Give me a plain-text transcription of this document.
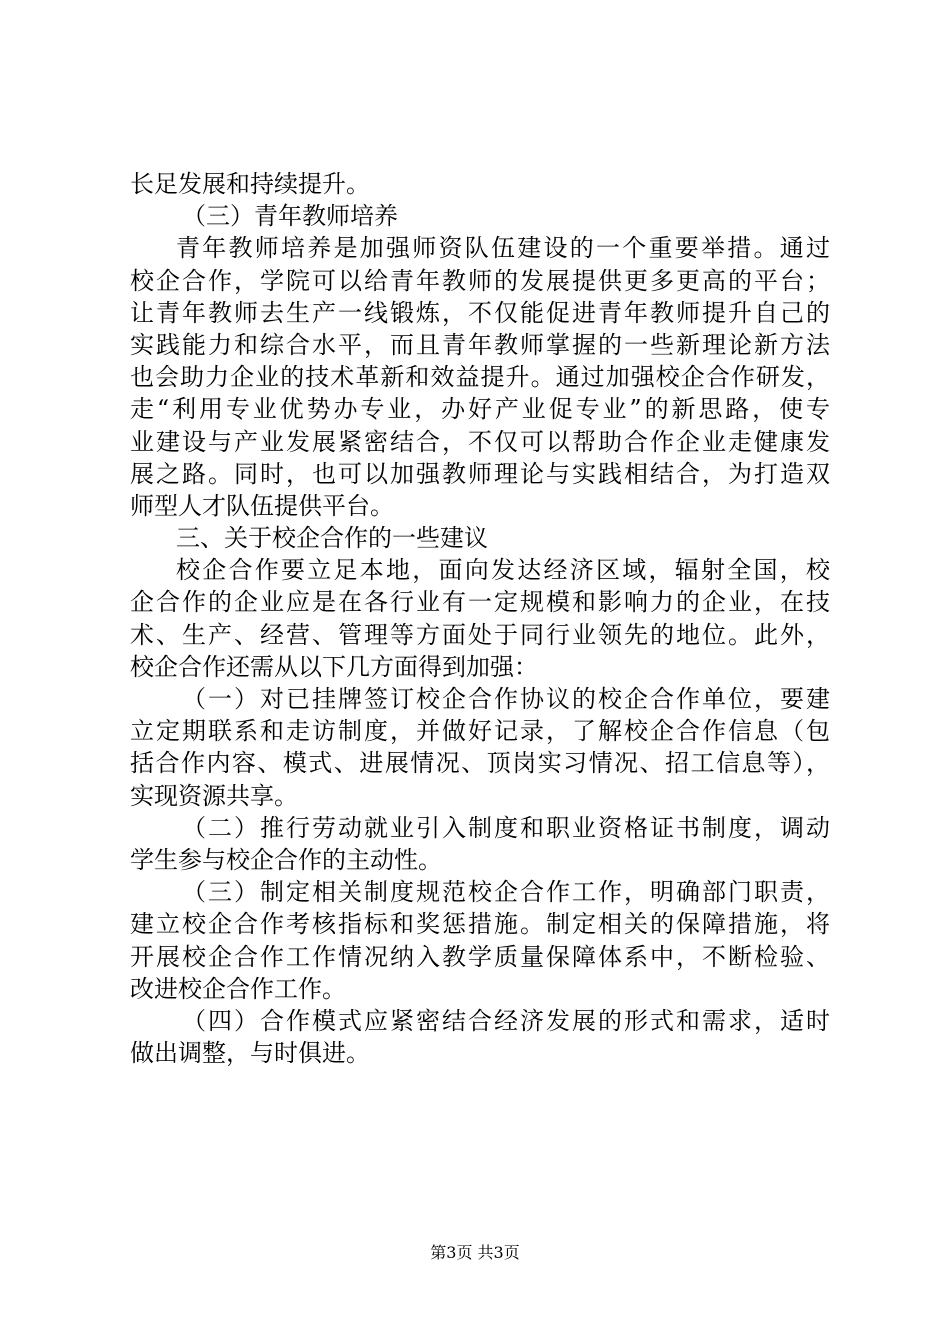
长足发展和持续提升。
（三）青年教师培养
青年教师培养是加强师资队伍建设的一个重要举措。通过
校企合作，学院可以给青年教师的发展提供更多更高的平台；
让青年教师去生产一线锻炼，不仅能促进青年教师提升自己的
实践能力和综合水平，而且青年教师掌握的一些新理论新方法
也会助力企业的技术革新和效益提升。通过加强校企合作研发，
走“利用专业优势办专业，办好产业促专业”的新思路，使专
业建设与产业发展紧密结合，不仅可以帮助合作企业走健康发
展之路。同时，也可以加强教师理论与实践相结合，为打造双
师型人才队伍提供平台。
三、关于校企合作的一些建议
校企合作要立足本地，面向发达经济区域，辐射全国，校
企合作的企业应是在各行业有一定规模和影响力的企业，在技
术、生产、经营、管理等方面处于同行业领先的地位。此外，
校企合作还需从以下几方面得到加强：
（一）对已挂牌签订校企合作协议的校企合作单位，要建
立定期联系和走访制度，并做好记录，了解校企合作信息（包
括合作内容、模式、进展情况、顶岗实习情况、招工信息等），
实现资源共享。
（二）推行劳动就业引入制度和职业资格证书制度，调动
学生参与校企合作的主动性。
（三）制定相关制度规范校企合作工作，明确部门职责，
建立校企合作考核指标和奖惩措施。制定相关的保障措施，将
开展校企合作工作情况纳入教学质量保障体系中，不断检验、
改进校企合作工作。
（四）合作模式应紧密结合经济发展的形式和需求，适时
做出调整，与时俱进。
第3页 共3页
